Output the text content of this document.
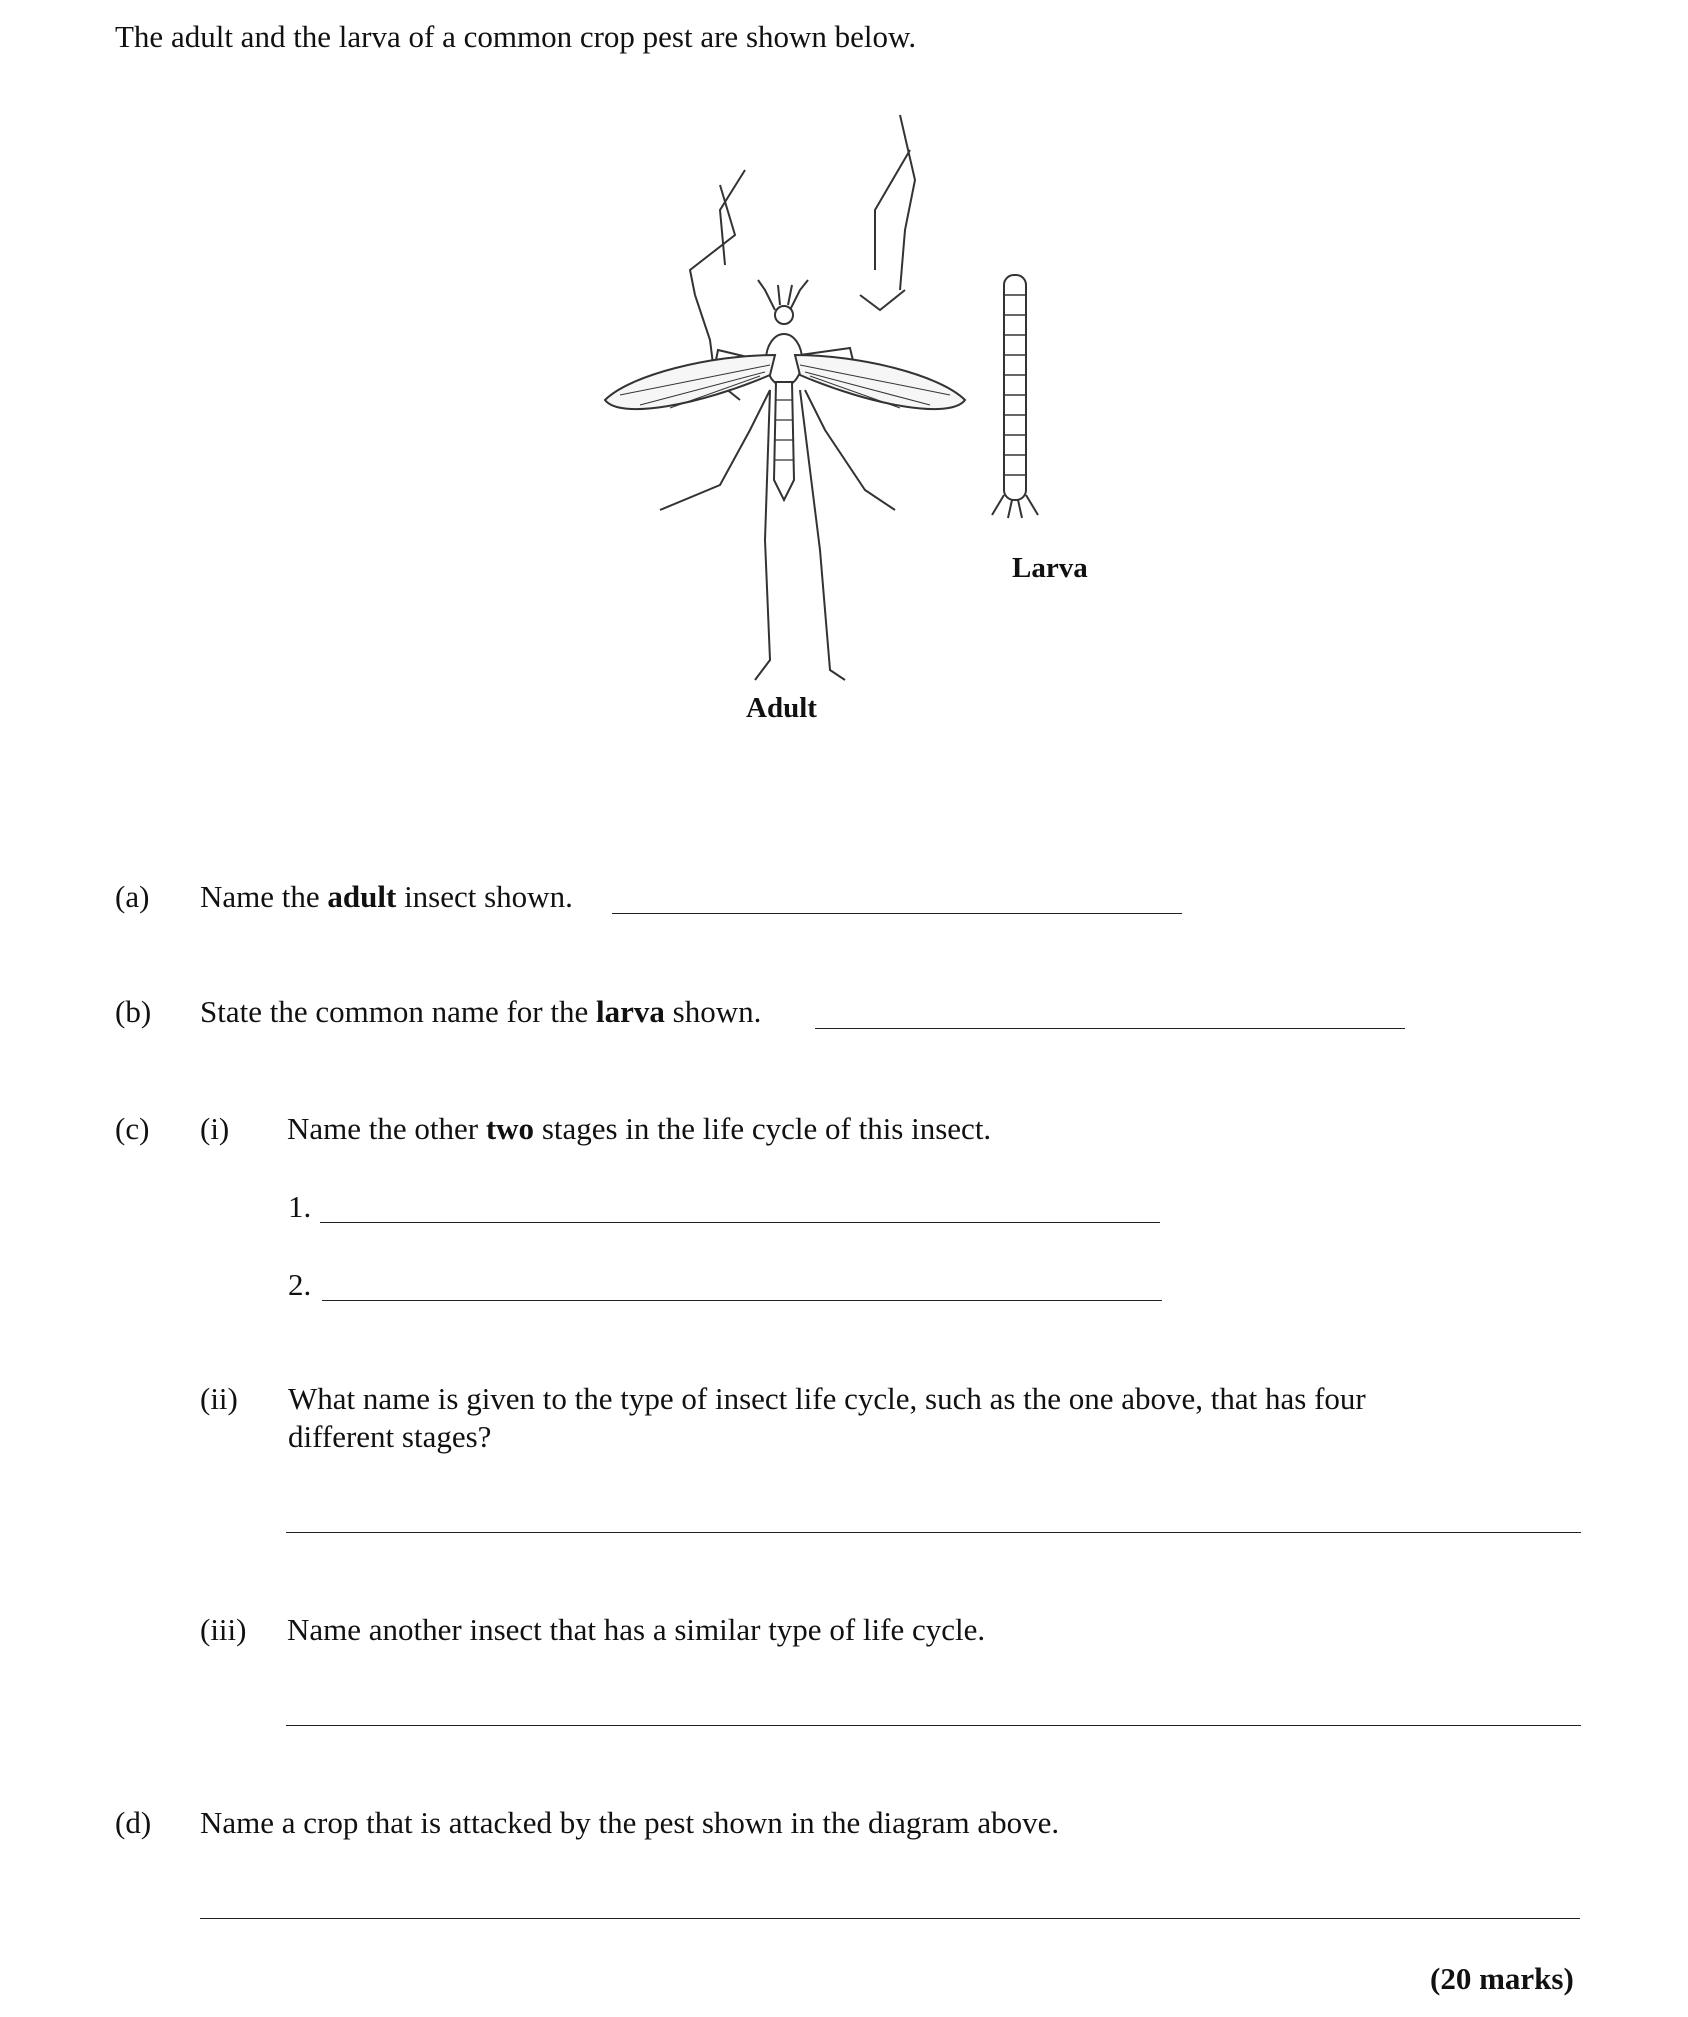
The adult and the larva of a common crop pest are shown below.
Larva
Adult
(a) Name the adult insect shown.
(b) State the common name for the larva shown.
(c) (i) Name the other two stages in the life cycle of this insect.
1.
2.
(ii) What name is given to the type of insect life cycle, such as the one above, that has four
different stages?
(iii) Name another insect that has a similar type of life cycle.
(d) Name a crop that is attacked by the pest shown in the diagram above.
(20 marks)
